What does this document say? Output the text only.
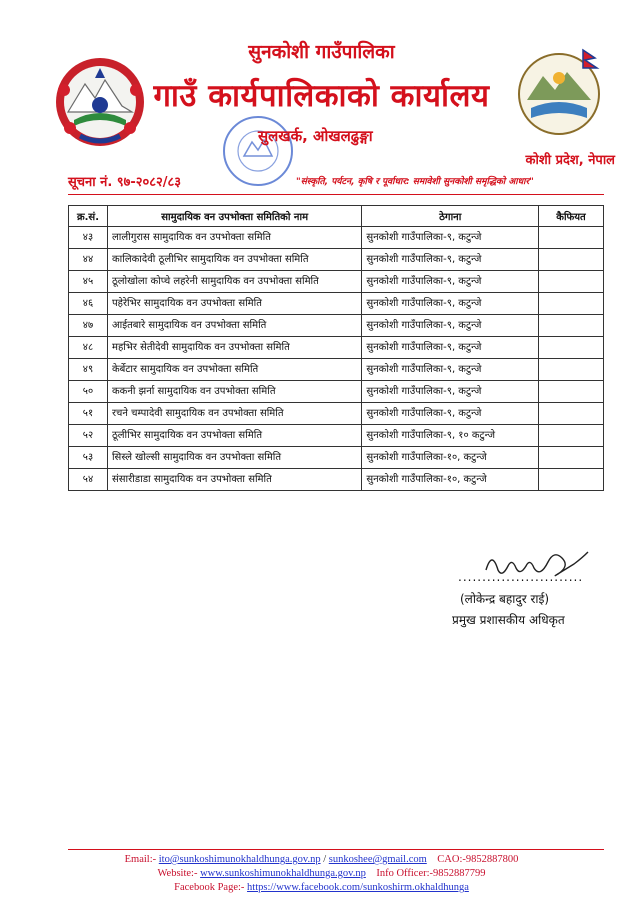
सुनकोशी गाउँपालिका
गाउँ कार्यपालिकाको कार्यालय
सुलखर्क, ओखलढुङ्गा
कोशी प्रदेश, नेपाल
सूचना नं. ९७-२०८२/८३	"संस्कृति, पर्यटन, कृषि र पूर्वाधार: समावेशी सुनकोशी समृद्धिको आधार"
क्र.सं.	सामुदायिक वन उपभोक्ता समितिको नाम	ठेगाना	कैफियत
४३	लालीगुरास सामुदायिक वन उपभोक्ता समिति	सुनकोशी गाउँपालिका-९, कटुन्जे	
४४	कालिकादेवी ठूलीभिर सामुदायिक वन उपभोक्ता समिति	सुनकोशी गाउँपालिका-९, कटुन्जे	
४५	ठूलोखोला कोप्चे लहरेनी सामुदायिक वन उपभोक्ता समिति	सुनकोशी गाउँपालिका-९, कटुन्जे	
४६	पहेरेभिर सामुदायिक वन उपभोक्ता समिति	सुनकोशी गाउँपालिका-९, कटुन्जे	
४७	आईतबारे सामुदायिक वन उपभोक्ता समिति	सुनकोशी गाउँपालिका-९, कटुन्जे	
४८	महभिर सेतीदेवी सामुदायिक वन उपभोक्ता समिति	सुनकोशी गाउँपालिका-९, कटुन्जे	
४९	केर्बेटार सामुदायिक वन उपभोक्ता समिति	सुनकोशी गाउँपालिका-९, कटुन्जे	
५०	ककनी झर्ना सामुदायिक वन उपभोक्ता समिति	सुनकोशी गाउँपालिका-९, कटुन्जे	
५१	रचने चम्पादेवी सामुदायिक वन उपभोक्ता समिति	सुनकोशी गाउँपालिका-९, कटुन्जे	
५२	ठूलीभिर सामुदायिक वन उपभोक्ता समिति	सुनकोशी गाउँपालिका-९, १० कटुन्जे	
५३	सिस्ले खोल्सी सामुदायिक वन उपभोक्ता समिति	सुनकोशी गाउँपालिका-१०, कटुन्जे	
५४	संसारीडाडा सामुदायिक वन उपभोक्ता समिति	सुनकोशी गाउँपालिका-१०, कटुन्जे	
..........................
(लोकेन्द्र बहादुर राई)
प्रमुख प्रशासकीय अधिकृत
Email:- ito@sunkoshimunokhaldhunga.gov.np / sunkoshee@gmail.com CAO:-9852887800
Website:- www.sunkoshimunokhaldhunga.gov.np Info Officer:-9852887799
Facebook Page:- https://www.facebook.com/sunkoshirm.okhaldhunga
